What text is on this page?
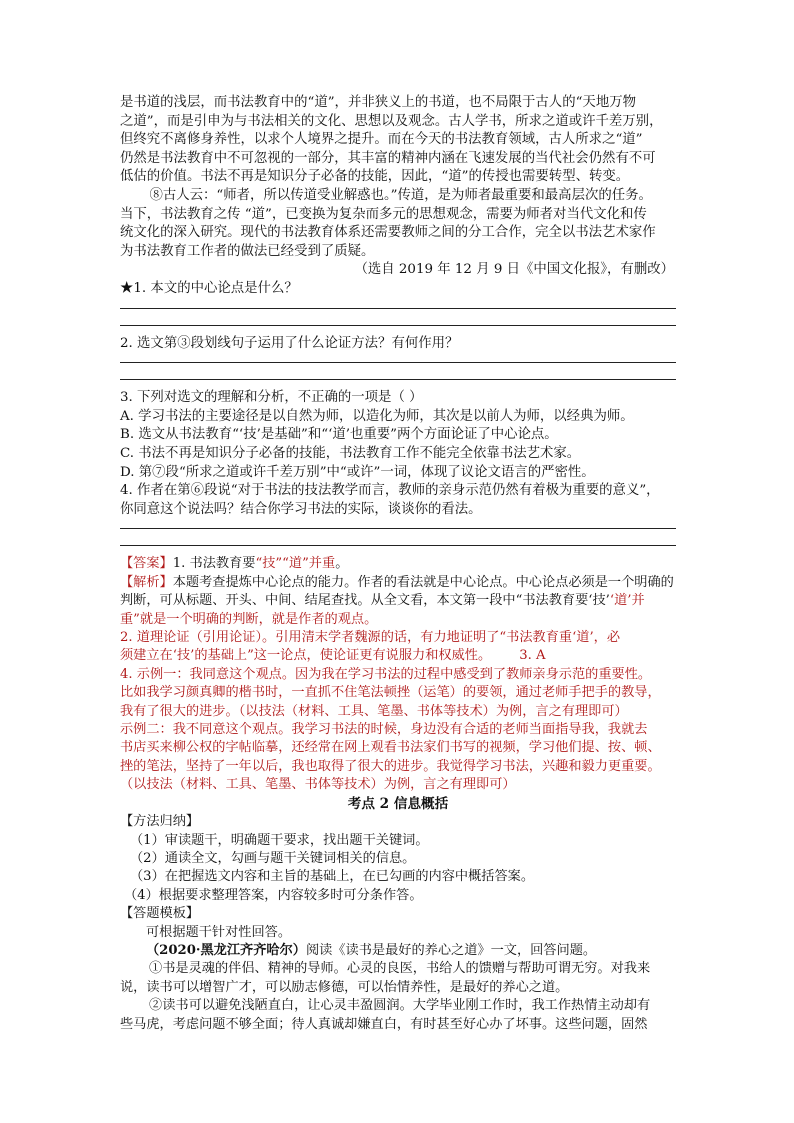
是书道的浅层，而书法教育中的“道”，并非狭义上的书道，也不局限于古人的“天地万物

之道”，而是引申为与书法相关的文化、思想以及观念。古人学书，所求之道或许千差万别，

但终究不离修身养性，以求个人境界之提升。而在今天的书法教育领域，古人所求之“道”

仍然是书法教育中不可忽视的一部分，其丰富的精神内涵在飞速发展的当代社会仍然有不可

低估的价值。书法不再是知识分子必备的技能，因此，“道”的传授也需要转型、转变。

⑧古人云：“师者，所以传道受业解惑也。”传道，是为师者最重要和最高层次的任务。

当下，书法教育之传 “道”，已变换为复杂而多元的思想观念，需要为师者对当代文化和传

统文化的深入研究。现代的书法教育体系还需要教师之间的分工合作，完全以书法艺术家作

为书法教育工作者的做法已经受到了质疑。

（选自 2019 年 12 月 9 日《中国文化报》，有删改）

★1. 本文的中心论点是什么？

2. 选文第③段划线句子运用了什么论证方法？有何作用？

3. 下列对选文的理解和分析，不正确的一项是（ ）

A. 学习书法的主要途径是以自然为师，以造化为师，其次是以前人为师，以经典为师。

B. 选文从书法教育“‘技’是基础”和“‘道’也重要”两个方面论证了中心论点。

C. 书法不再是知识分子必备的技能，书法教育工作不能完全依靠书法艺术家。

D. 第⑦段“所求之道或许千差万别”中“或许”一词，体现了议论文语言的严密性。

4. 作者在第⑥段说“对于书法的技法教学而言，教师的亲身示范仍然有着极为重要的意义”，

你同意这个说法吗？结合你学习书法的实际，谈谈你的看法。

【答案】1. 书法教育要“技”“道”并重。

【解析】本题考查提炼中心论点的能力。作者的看法就是中心论点。中心论点必须是一个明确的判断，可从标题、开头、中间、结尾查找。从全文看，本文第一段中“书法教育要‘技’‘道’并重”就是一个明确的判断，就是作者的观点。

2. 道理论证（引用论证）。引用清末学者魏源的话，有力地证明了“书法教育重‘道’，必

须建立在‘技’的基础上”这一论点，使论证更有说服力和权威性。 3. A

4. 示例一：我同意这个观点。因为我在学习书法的过程中感受到了教师亲身示范的重要性。

比如我学习颜真卿的楷书时，一直抓不住笔法顿挫（运笔）的要领，通过老师手把手的教导，

我有了很大的进步。（以技法（材料、工具、笔墨、书体等技术）为例，言之有理即可）

示例二：我不同意这个观点。我学习书法的时候，身边没有合适的老师当面指导我，我就去

书店买来柳公权的字帖临摹，还经常在网上观看书法家们书写的视频，学习他们提、按、顿、

挫的笔法，坚持了一年以后，我也取得了很大的进步。我觉得学习书法，兴趣和毅力更重要。

（以技法（材料、工具、笔墨、书体等技术）为例，言之有理即可）

考点 2 信息概括

【方法归纳】

（1）审读题干，明确题干要求，找出题干关键词。

（2）通读全文，勾画与题干关键词相关的信息。

（3）在把握选文内容和主旨的基础上，在已勾画的内容中概括答案。

（4）根据要求整理答案，内容较多时可分条作答。

【答题模板】

可根据题干针对性回答。

（2020·黑龙江齐齐哈尔）阅读《读书是最好的养心之道》一文，回答问题。

①书是灵魂的伴侣、精神的导师。心灵的良医，书给人的馈赠与帮助可谓无穷。对我来

说，读书可以增智广才，可以励志修德，可以怡情养性，是最好的养心之道。

②读书可以避免浅陋直白，让心灵丰盈圆润。大学毕业刚工作时，我工作热情主动却有

些马虎，考虑问题不够全面；待人真诚却嫌直白，有时甚至好心办了坏事。这些问题，固然
